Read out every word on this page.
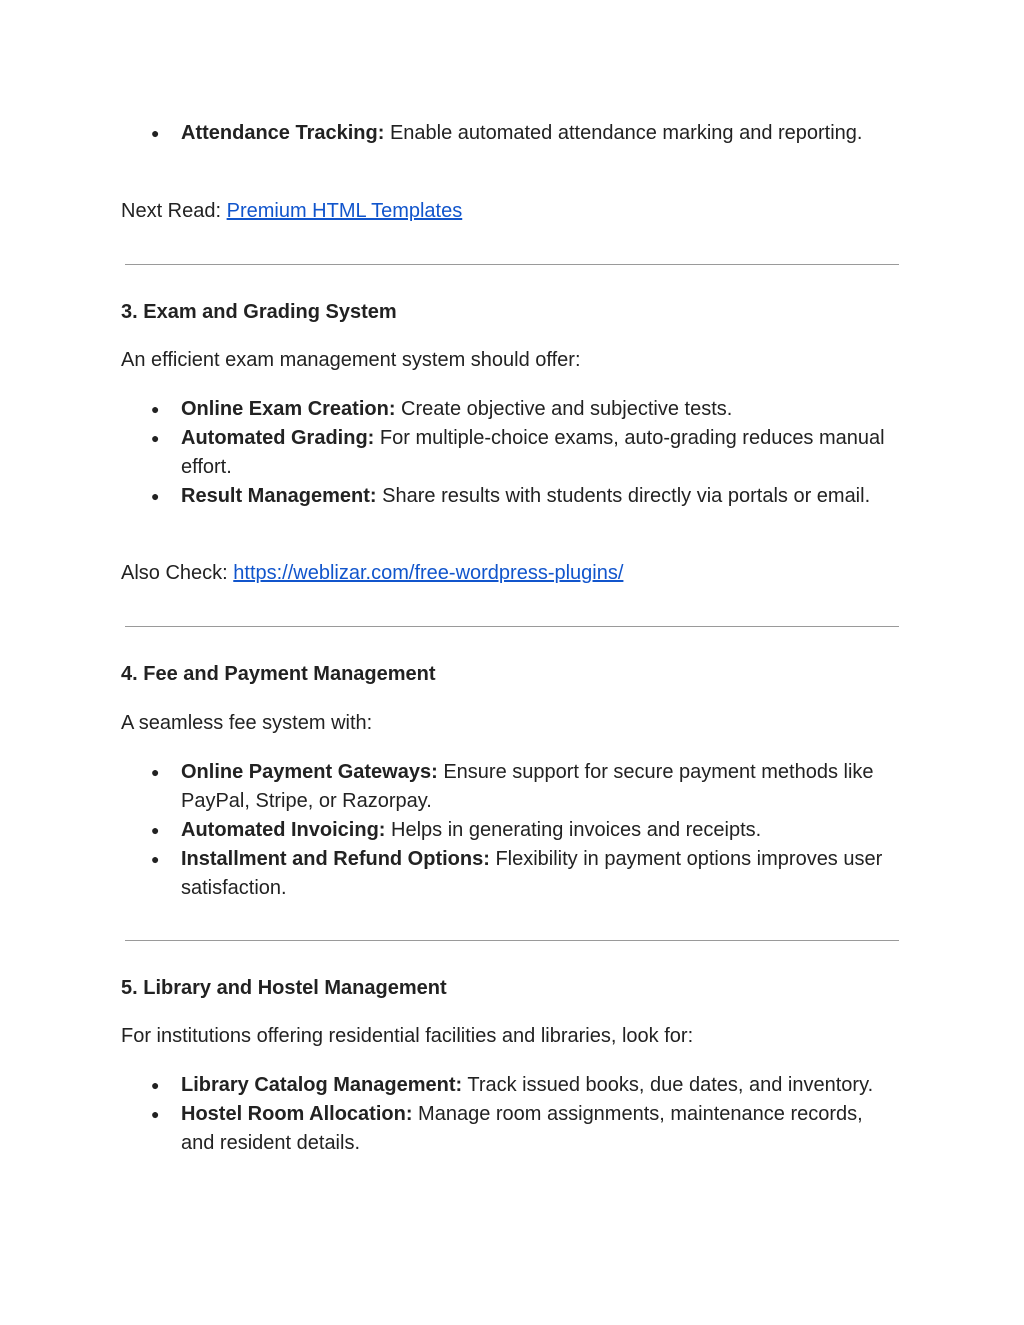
● Attendance Tracking: Enable automated attendance marking and reporting.

Next Read: Premium HTML Templates

3. Exam and Grading System

An efficient exam management system should offer:

● Online Exam Creation: Create objective and subjective tests.
● Automated Grading: For multiple-choice exams, auto-grading reduces manual effort.
● Result Management: Share results with students directly via portals or email.

Also Check: https://weblizar.com/free-wordpress-plugins/

4. Fee and Payment Management

A seamless fee system with:

● Online Payment Gateways: Ensure support for secure payment methods like PayPal, Stripe, or Razorpay.
● Automated Invoicing: Helps in generating invoices and receipts.
● Installment and Refund Options: Flexibility in payment options improves user satisfaction.

5. Library and Hostel Management

For institutions offering residential facilities and libraries, look for:

● Library Catalog Management: Track issued books, due dates, and inventory.
● Hostel Room Allocation: Manage room assignments, maintenance records, and resident details.
